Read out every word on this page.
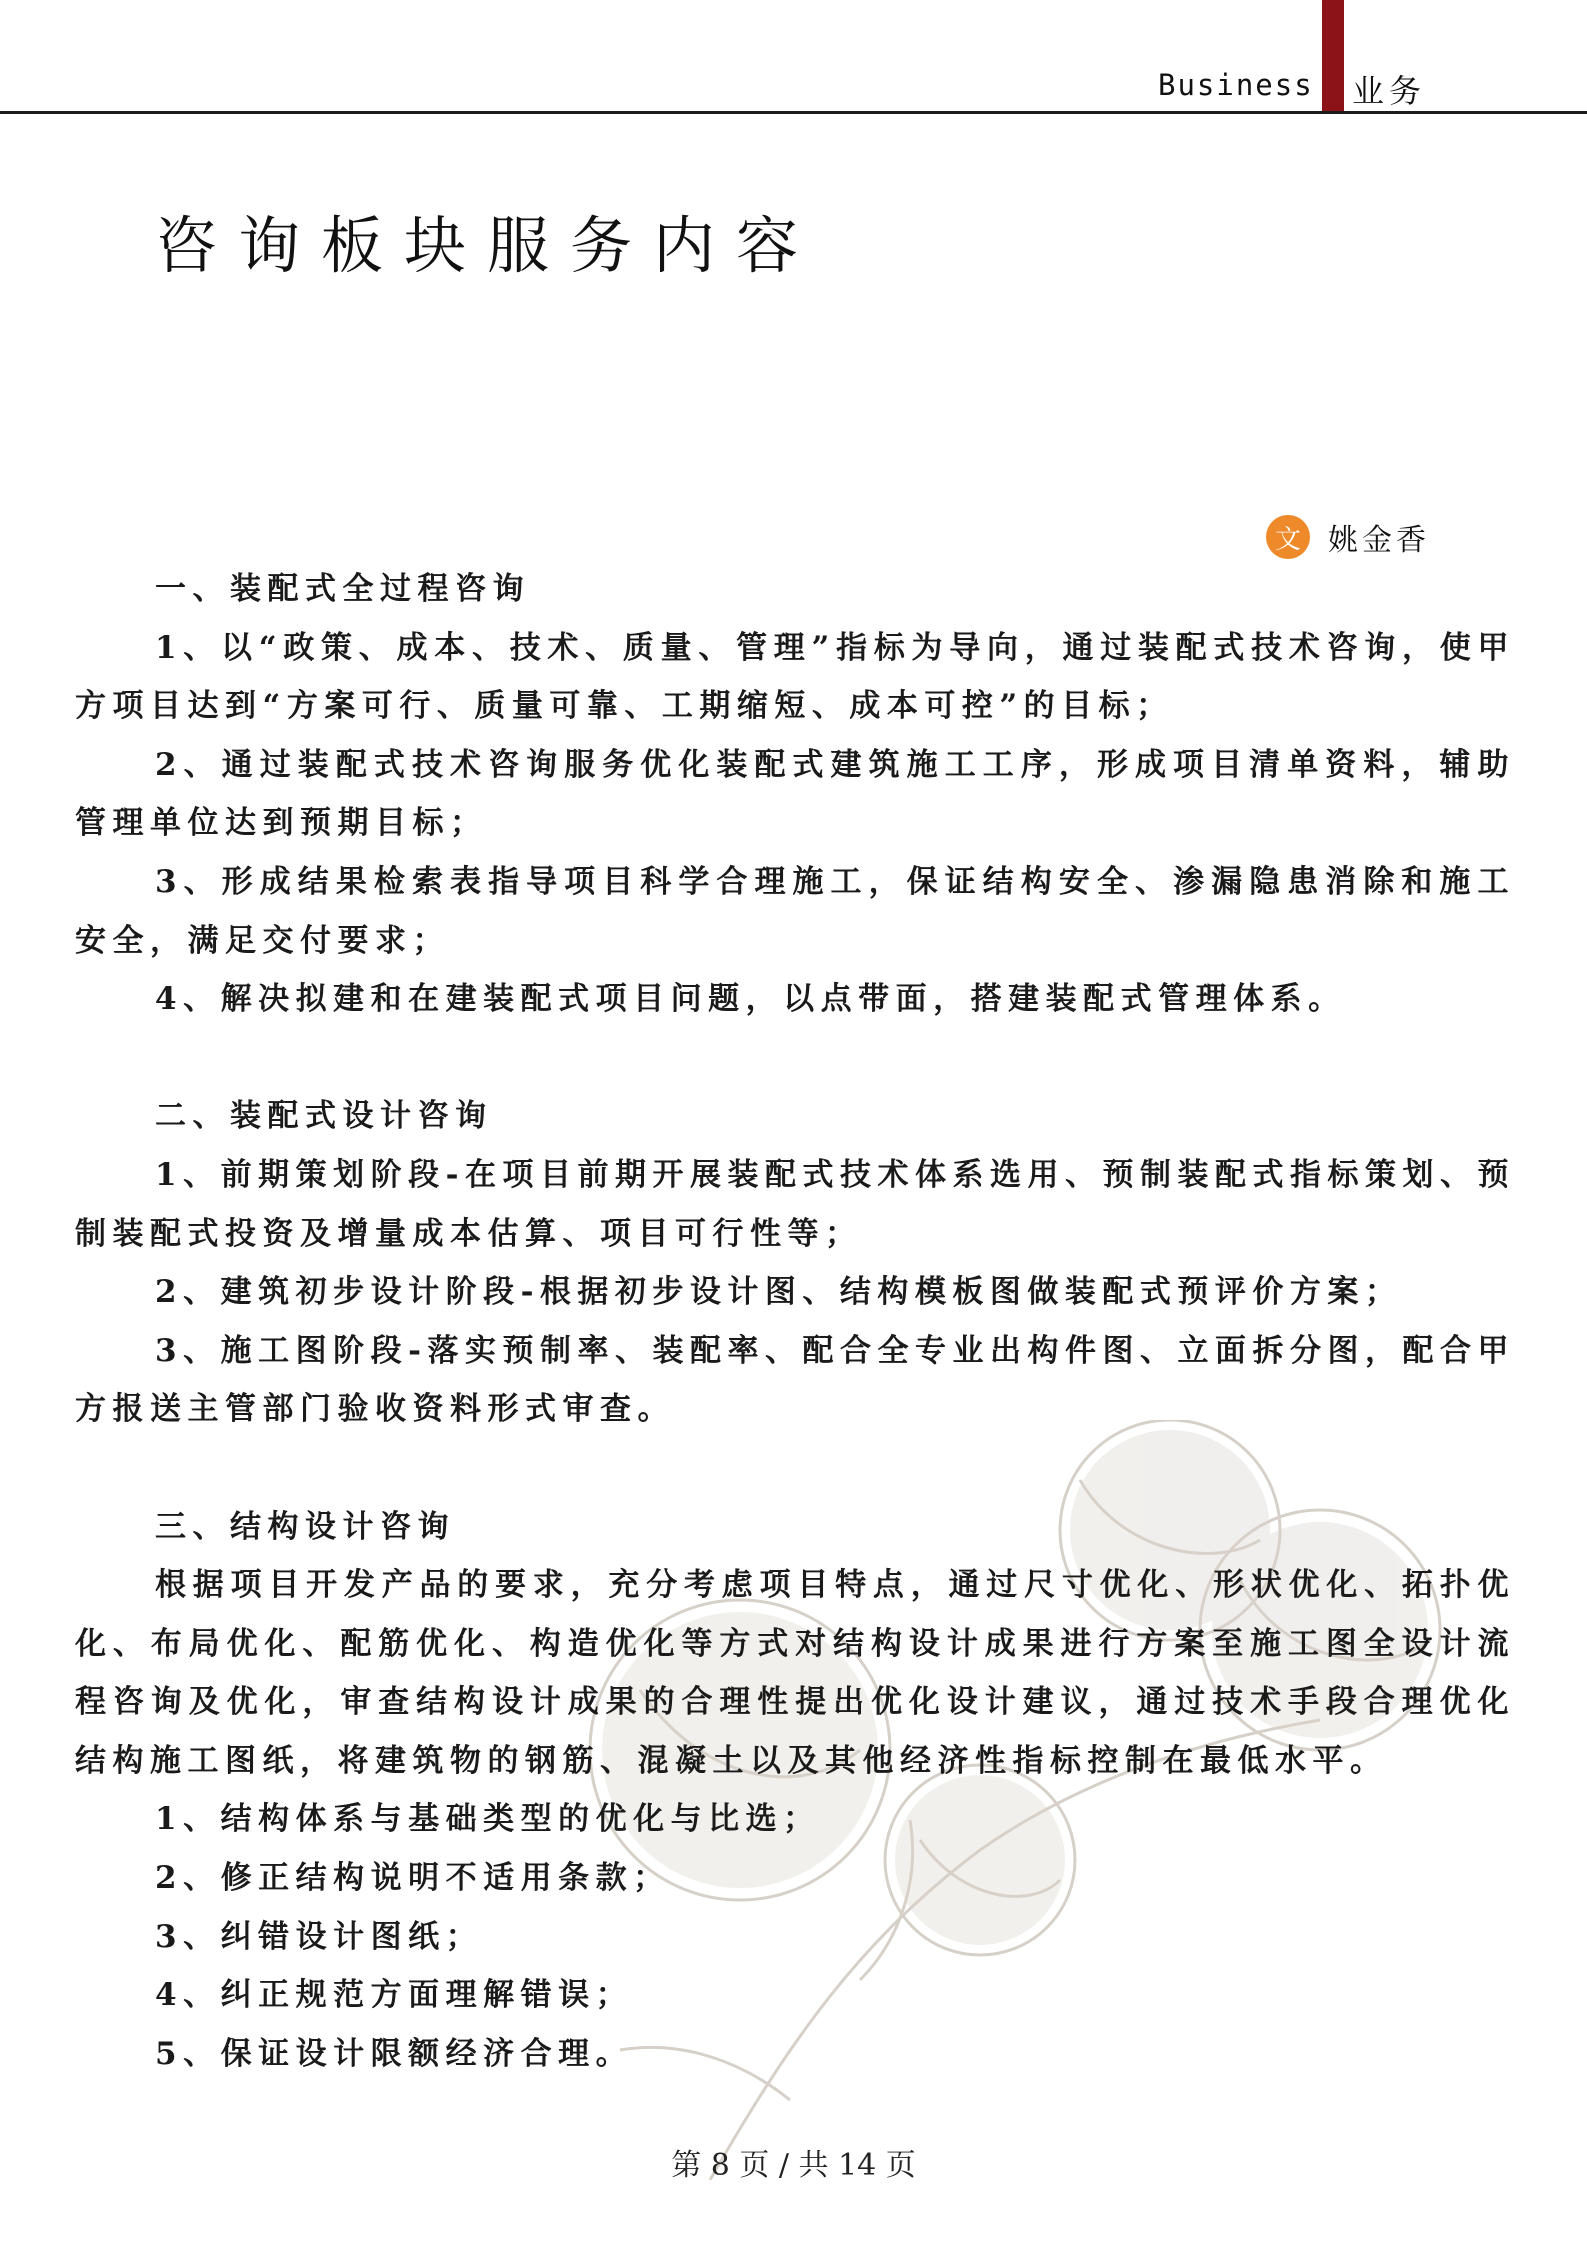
Business 业务
咨询板块服务内容
文 姚金香

一、装配式全过程咨询

1、以“政策、成本、技术、质量、管理”指标为导向，通过装配式技术咨询，使甲方项目达到“方案可行、质量可靠、工期缩短、成本可控”的目标；

2、通过装配式技术咨询服务优化装配式建筑施工工序，形成项目清单资料，辅助管理单位达到预期目标；

3、形成结果检索表指导项目科学合理施工，保证结构安全、渗漏隐患消除和施工安全，满足交付要求；

4、解决拟建和在建装配式项目问题，以点带面，搭建装配式管理体系。

二、装配式设计咨询

1、前期策划阶段-在项目前期开展装配式技术体系选用、预制装配式指标策划、预制装配式投资及增量成本估算、项目可行性等；

2、建筑初步设计阶段-根据初步设计图、结构模板图做装配式预评价方案；

3、施工图阶段-落实预制率、装配率、配合全专业出构件图、立面拆分图，配合甲方报送主管部门验收资料形式审查。

三、结构设计咨询

根据项目开发产品的要求，充分考虑项目特点，通过尺寸优化、形状优化、拓扑优化、布局优化、配筋优化、构造优化等方式对结构设计成果进行方案至施工图全设计流程咨询及优化，审查结构设计成果的合理性提出优化设计建议，通过技术手段合理优化结构施工图纸，将建筑物的钢筋、混凝土以及其他经济性指标控制在最低水平。

1、结构体系与基础类型的优化与比选；

2、修正结构说明不适用条款；

3、纠错设计图纸；

4、纠正规范方面理解错误；

5、保证设计限额经济合理。

第 8 页 / 共 14 页
